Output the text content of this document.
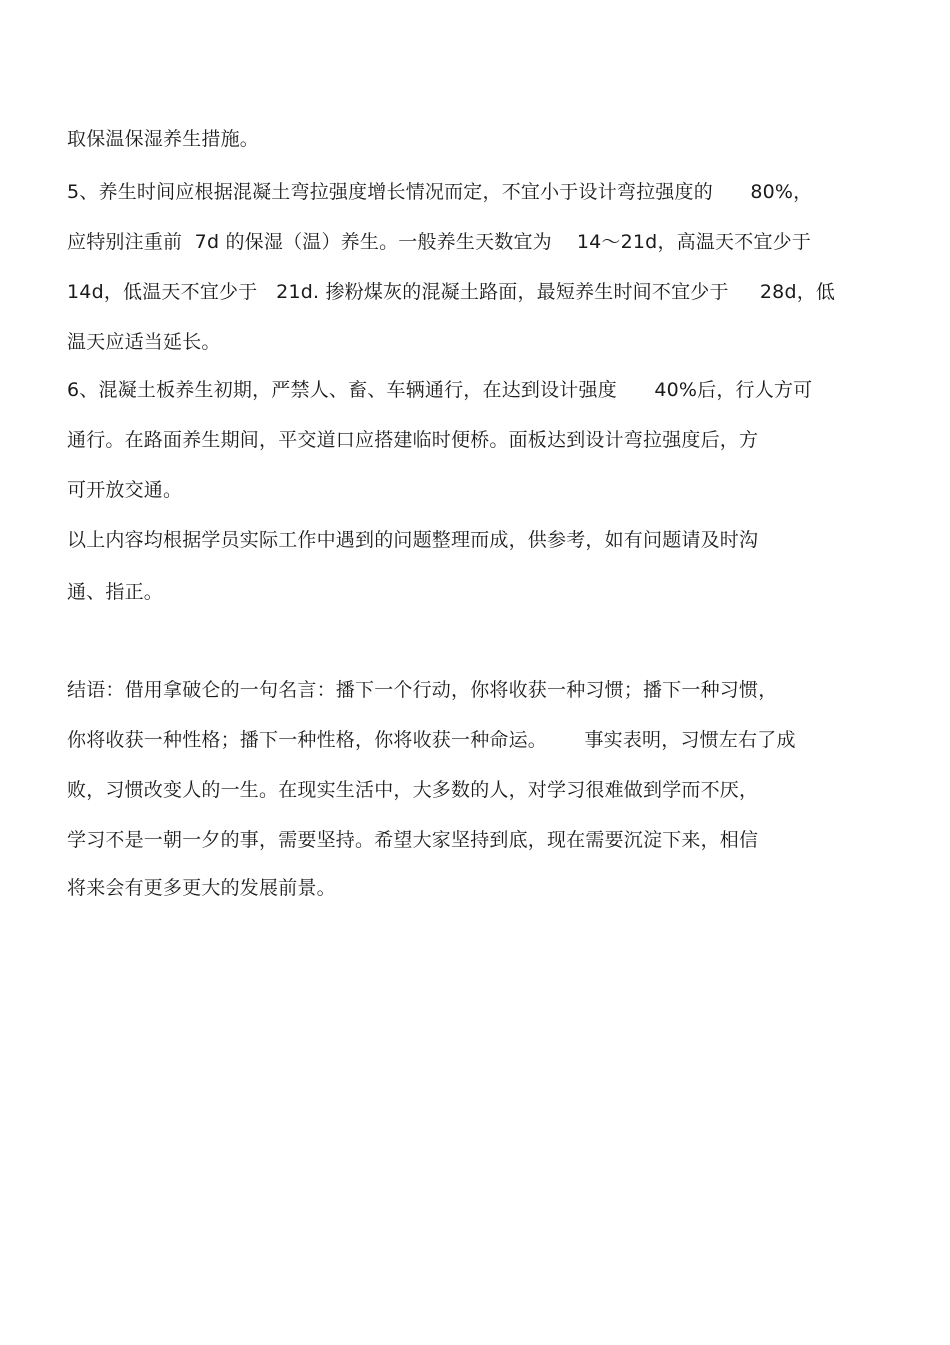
取保温保湿养生措施。
5、养生时间应根据混凝土弯拉强度增长情况而定，不宜小于设计弯拉强度的      80%，
应特别注重前  7d 的保湿（温）养生。一般养生天数宜为    14～21d，高温天不宜少于
14d，低温天不宜少于   21d. 掺粉煤灰的混凝土路面，最短养生时间不宜少于     28d，低
温天应适当延长。
6、混凝土板养生初期，严禁人、畜、车辆通行，在达到设计强度      40%后，行人方可
通行。在路面养生期间，平交道口应搭建临时便桥。面板达到设计弯拉强度后，方
可开放交通。
以上内容均根据学员实际工作中遇到的问题整理而成，供参考，如有问题请及时沟
通、指正。
结语：借用拿破仑的一句名言：播下一个行动，你将收获一种习惯；播下一种习惯，
你将收获一种性格；播下一种性格，你将收获一种命运。      事实表明，习惯左右了成
败，习惯改变人的一生。在现实生活中，大多数的人，对学习很难做到学而不厌，
学习不是一朝一夕的事，需要坚持。希望大家坚持到底，现在需要沉淀下来，相信
将来会有更多更大的发展前景。
